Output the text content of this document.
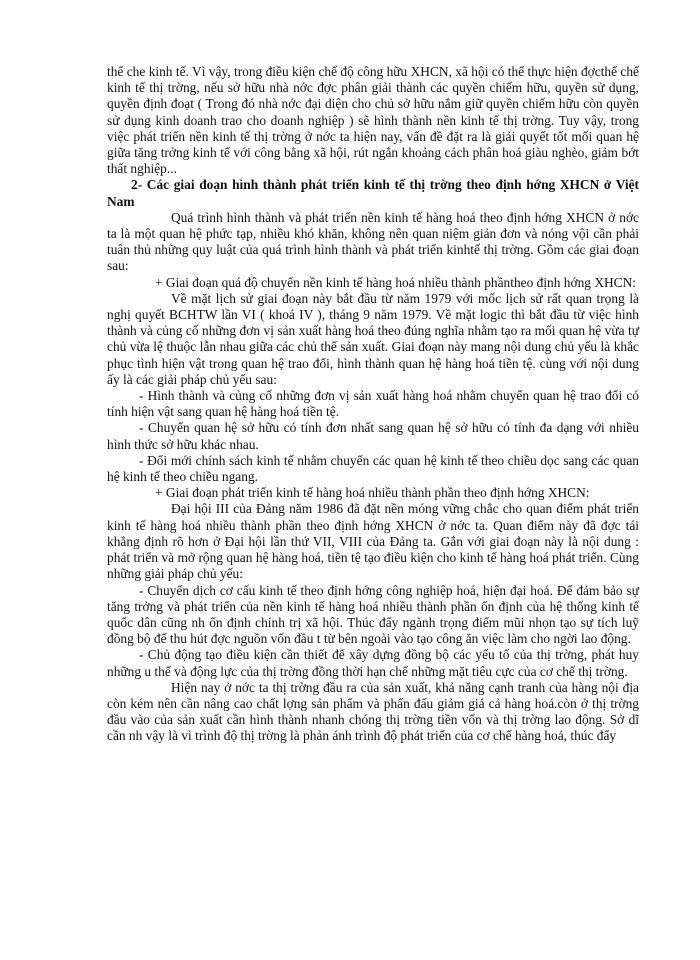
thể che kinh tế. Vì vậy, trong điều kiện chế độ công hữu XHCN, xã hội có thể thực hiện đợcthể chế kinh tế thị trờng, nếu sở hữu nhà nớc đợc phân giải thành các quyền chiếm hữu, quyền sử dụng, quyền định đoạt ( Trong đó nhà nớc đại diện cho chủ sở hữu nắm giữ quyền chiếm hữu còn quyền sử dụng kinh doanh trao cho doanh nghiệp ) sẽ hình thành nền kinh tế thị trờng. Tuy vậy, trong việc phát triển nền kinh tế thị trờng ở nớc ta hiện nay, vấn đề đặt ra là giải quyết tốt mối quan hệ giữa tăng trởng kinh tế với công bằng xã hội, rút ngắn khoảng cách phân hoá giàu nghèo, giảm bớt thất nghiệp...

2- Các giai đoạn hình thành phát triển kinh tế thị trờng theo định hớng XHCN ở Việt Nam

Quá trình hình thành và phát triển nền kinh tế hàng hoá theo định hớng XHCN ở nớc ta là một quan hệ phức tạp, nhiều khó khăn, không nên quan niệm giản đơn và nóng vội cần phải tuân thủ những quy luật của quá trình hình thành và phát triển kinhtế thị trờng. Gồm các giai đoạn sau:

+ Giai đoạn quá độ chuyển nền kinh tế hàng hoá nhiều thành phầntheo định hớng XHCN:

Về mặt lịch sử giai đoạn này bắt đầu từ năm 1979 với mốc lịch sử rất quan trọng là nghị quyết BCHTW lần VI ( khoá IV ), tháng 9 năm 1979. Về mặt logic thì bắt đầu từ việc hình thành và củng cố những đơn vị sản xuất hàng hoá theo đúng nghĩa nhằm tạo ra mối quan hệ vừa tự chủ vừa lệ thuộc lẫn nhau giữa các chủ thể sản xuất. Giai đoạn này mang nội dung chủ yếu là khắc phục tình hiện vật trong quan hệ trao đổi, hình thành quan hệ hàng hoá tiền tệ. cùng với nội dung ấy là các giải pháp chủ yếu sau:

- Hình thành và củng cố những đơn vị sản xuất hàng hoá nhằm chuyển quan hệ trao đổi có tính hiện vật sang quan hệ hàng hoá tiền tệ.

- Chuyển quan hệ sở hữu có tính đơn nhất sang quan hệ sở hữu có tính đa dạng với nhiều hình thức sở hữu khác nhau.

- Đổi mới chính sách kinh tế nhằm chuyển các quan hệ kinh tế theo chiều dọc sang các quan hệ kinh tế theo chiều ngang.

+ Giai đoạn phát triển kinh tế hàng hoá nhiều thành phần theo định hớng XHCN:

Đại hội III của Đảng năm 1986 đã đặt nền móng vững chắc cho quan điểm phát triển kinh tế hàng hoá nhiều thành phần theo định hớng XHCN ở nớc ta. Quan điểm này đã đợc tái khẳng định rõ hơn ở Đại hội lần thứ VII, VIII của Đảng ta. Gắn với giai đoạn này là nội dung : phát triển và mở rộng quan hệ hàng hoá, tiền tệ tạo điều kiện cho kinh tế hàng hoá phát triển. Cùng những giải pháp chủ yếu:

- Chuyển dịch cơ cấu kinh tế theo định hớng công nghiệp hoá, hiện đại hoá. Để đảm bảo sự tăng trởng và phát triển của nền kinh tế hàng hoá nhiều thành phần ổn định của hệ thống kinh tế quốc dân cũng nh ổn định chính trị xã hội. Thúc đẩy ngành trọng điểm mũi nhọn tạo sự tích luỹ đồng bộ để thu hút đợc nguồn vốn đầu t từ bên ngoài vào tạo công ăn việc làm cho ngời lao động.

- Chủ động tạo điều kiện cần thiết để xây dựng đồng bộ các yếu tố của thị trờng, phát huy những u thế và động lực của thị trờng đồng thời hạn chế những mặt tiêu cực của cơ chế thị trờng.

Hiện nay ở nớc ta thị trờng đầu ra của sản xuất, khả năng cạnh tranh của hàng nội địa còn kém nên cần nâng cao chất lợng sản phẩm và phấn đấu giảm giá cả hàng hoá.còn ở thị trờng đầu vào của sản xuất cần hình thành nhanh chóng thị trờng tiền vốn và thị trờng lao động. Sở dĩ cần nh vậy là vì trình độ thị trờng là phản ánh trình độ phát triển của cơ chế hàng hoá, thúc đẩy
